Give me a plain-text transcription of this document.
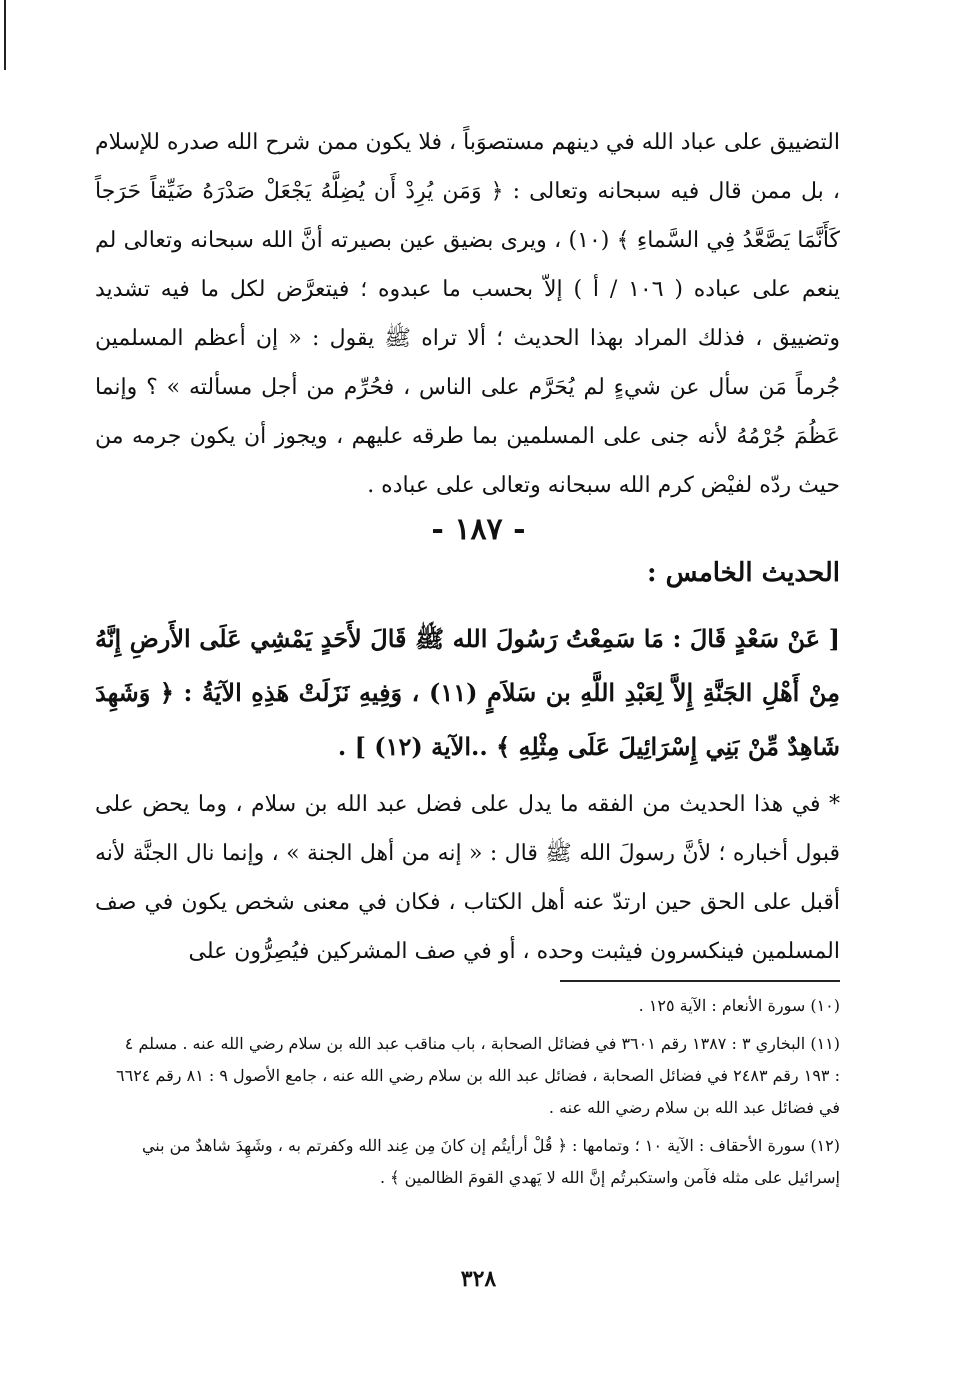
التضييق على عباد الله في دينهم مستصوَباً ، فلا يكون ممن شرح الله صدره للإسلام ، بل ممن قال فيه سبحانه وتعالى : ﴿ وَمَن يُرِدْ أَن يُضِلَّهُ يَجْعَلْ صَدْرَهُ ضَيِّقاً حَرَجاً كَأَنَّمَا يَصَّعَّدُ فِي السَّماءِ ﴾ (١٠) ، ويرى بضيق عين بصيرته أنَّ الله سبحانه وتعالى لم ينعم على عباده ( ١٠٦ / أ ) إلاّ بحسب ما عبدوه ؛ فيتعرَّض لكل ما فيه تشديد وتضييق ، فذلك المراد بهذا الحديث ؛ ألا تراه ﷺ يقول : « إن أعظم المسلمين جُرماً مَن سأل عن شيءٍ لم يُحَرَّم على الناس ، فحُرِّم من أجل مسألته » ؟ وإنما عَظُمَ جُرْمُهُ لأنه جنى على المسلمين بما طرقه عليهم ، ويجوز أن يكون جرمه من حيث ردّه لفيْض كرم الله سبحانه وتعالى على عباده .

- ١٨٧ -
الحديث الخامس :

[ عَنْ سَعْدٍ قَالَ : مَا سَمِعْتُ رَسُولَ الله ﷺ قَالَ لأَحَدٍ يَمْشِي عَلَى الأَرضِ إِنَّهُ مِنْ أَهْلِ الجَنَّةِ إِلاَّ لِعَبْدِ اللَّهِ بن سَلاَمٍ (١١) ، وَفِيهِ نَزَلَتْ هَذِهِ الآيَةُ : ﴿ وَشَهِدَ شَاهِدٌ مِّنْ بَنِي إِسْرَائِيلَ عَلَى مِثْلِهِ ﴾ ..الآية (١٢) ] .

* في هذا الحديث من الفقه ما يدل على فضل عبد الله بن سلام ، وما يحض على قبول أخباره ؛ لأنَّ رسولَ الله ﷺ قال : « إنه من أهل الجنة » ، وإنما نال الجنَّة لأنه أقبل على الحق حين ارتدّ عنه أهل الكتاب ، فكان في معنى شخص يكون في صف المسلمين فينكسرون فيثبت وحده ، أو في صف المشركين فيُصِرُّون على

(١٠) سورة الأنعام : الآية ١٢٥ .

(١١) البخاري ٣ : ١٣٨٧ رقم ٣٦٠١ في فضائل الصحابة ، باب مناقب عبد الله بن سلام رضي الله عنه . مسلم ٤ : ١٩٣ رقم ٢٤٨٣ في فضائل الصحابة ، فضائل عبد الله بن سلام رضي الله عنه ، جامع الأصول ٩ : ٨١ رقم ٦٦٢٤ في فضائل عبد الله بن سلام رضي الله عنه .

(١٢) سورة الأحقاف : الآية ١٠ ؛ وتمامها : ﴿ قُلْ أرأيتُم إن كانَ مِن عِند الله وكفرتم به ، وشَهِدَ شاهدٌ من بني إسرائيل على مثله فآمن واستكبرتُم إنَّ الله لا يَهدي القومَ الظالمين ﴾ .

٣٢٨
